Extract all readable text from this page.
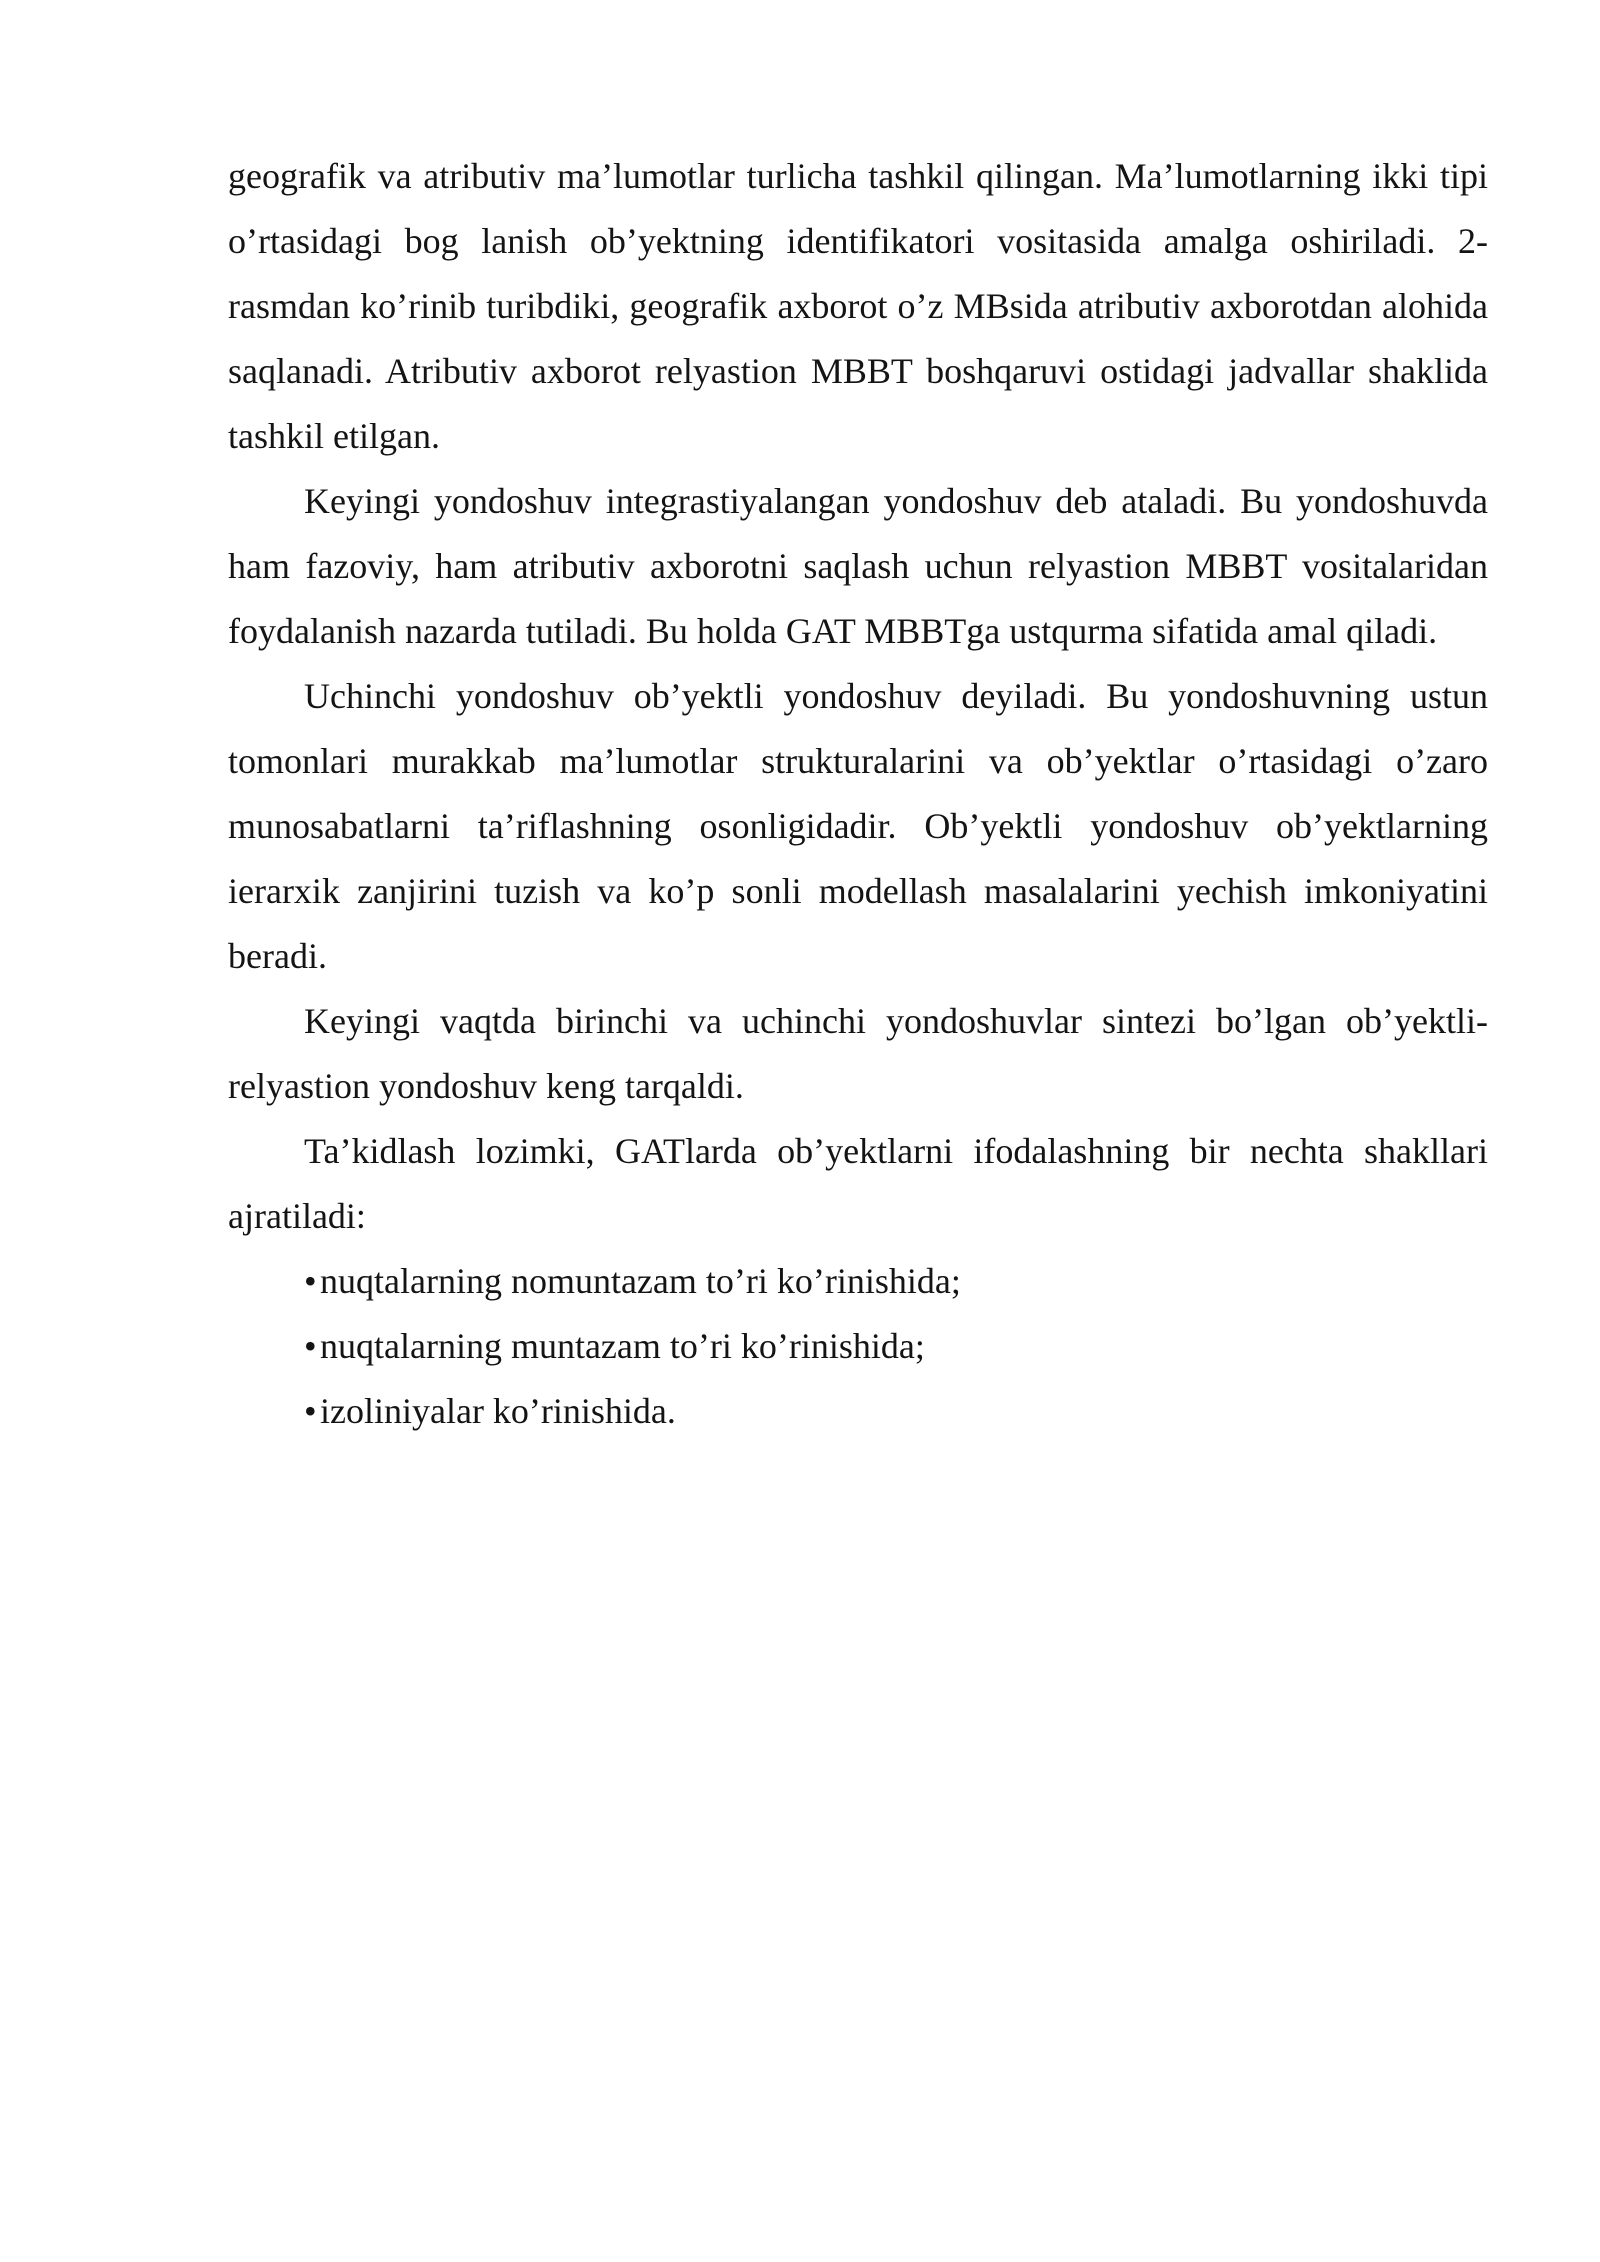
geografik va atributiv ma’lumotlar turlicha tashkil qilingan. Ma’lumotlarning ikki tipi o’rtasidagi bog lanish ob’yektning identifikatori vositasida amalga oshiriladi. 2-rasmdan ko’rinib turibdiki, geografik axborot o’z MBsida atributiv axborotdan alohida saqlanadi. Atributiv axborot relyastion MBBT boshqaruvi ostidagi jadvallar shaklida tashkil etilgan.

Keyingi yondoshuv integrastiyalangan yondoshuv deb ataladi. Bu yondoshuvda ham fazoviy, ham atributiv axborotni saqlash uchun relyastion MBBT vositalaridan foydalanish nazarda tutiladi. Bu holda GAT MBBTga ustqurma sifatida amal qiladi.

Uchinchi yondoshuv ob’yektli yondoshuv deyiladi. Bu yondoshuvning ustun tomonlari murakkab ma’lumotlar strukturalarini va ob’yektlar o’rtasidagi o’zaro munosabatlarni ta’riflashning osonligidadir. Ob’yektli yondoshuv ob’yektlarning ierarxik zanjirini tuzish va ko’p sonli modellash masalalarini yechish imkoniyatini beradi.

Keyingi vaqtda birinchi va uchinchi yondoshuvlar sintezi bo’lgan ob’yektli-relyastion yondoshuv keng tarqaldi.

Ta’kidlash lozimki, GATlarda ob’yektlarni ifodalashning bir nechta shakllari ajratiladi:

•nuqtalarning nomuntazam to’ri ko’rinishida;
•nuqtalarning muntazam to’ri ko’rinishida;
•izoliniyalar ko’rinishida.
